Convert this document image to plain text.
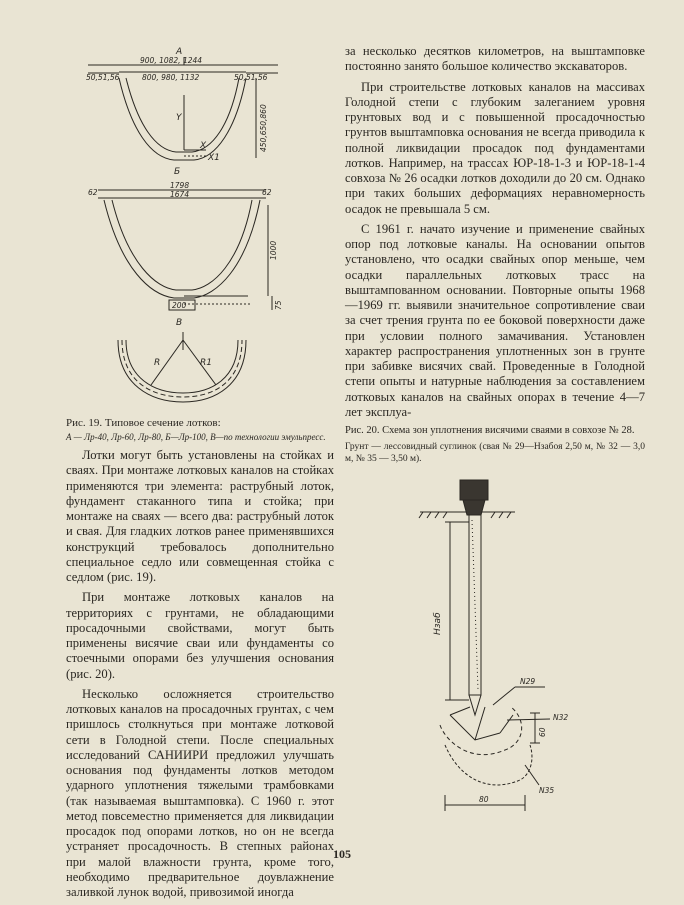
А
900, 1082, 1244
800, 980, 1132
50,51,56	50,51,56
450,650,860
Y
X
X1
Б
1798
1674
62	62
1000
75
200
В
R	R1

Рис. 19. Типовое сечение лотков:

А — Лр-40, Лр-60, Лр-80, Б—Лр-100, В—по технологии эмульпресс.

Лотки могут быть установлены на стойках и сваях. При монтаже лотковых каналов на стойках применяются три элемента: раструбный лоток, фундамент стаканного типа и стойка; при монтаже на сваях — всего два: раструбный лоток и свая. Для гладких лотков ранее применявшихся конструкций требовалось дополнительно специальное седло или совмещенная стойка с седлом (рис. 19).

При монтаже лотковых каналов на территориях с грунтами, не обладающими просадочными свойствами, могут быть применены висячие сваи или фундаменты со стоечными опорами без улучшения основания (рис. 20).

Несколько осложняется строительство лотковых каналов на просадочных грунтах, с чем пришлось столкнуться при монтаже лотковой сети в Голодной степи. После специальных исследований САНИИРИ предложил улучшать основания под фундаменты лотков методом ударного уплотнения тяжелыми трамбовками (так называемая выштамповка). С 1960 г. этот метод повсеместно применяется для ликвидации просадок под опорами лотков, но он не всегда устраняет просадочность. В степных районах при малой влажности грунта, кроме того, необходимо предварительное доувлажнение заливкой лунок водой, привозимой иногда

за несколько десятков километров, на выштамповке постоянно занято большое количество экскаваторов.

При строительстве лотковых каналов на массивах Голодной степи с глубоким залеганием уровня грунтовых вод и с повышенной просадочностью грунтов выштамповка основания не всегда приводила к полной ликвидации просадок под фундаментами лотков. Например, на трассах ЮР-18-1-3 и ЮР-18-1-4 совхоза № 26 осадки лотков доходили до 20 см. Однако при таких больших деформациях неравномерность осадок не превышала 5 см.

С 1961 г. начато изучение и применение свайных опор под лотковые каналы. На основании опытов установлено, что осадки свайных опор меньше, чем осадки параллельных лотковых трасс на выштампованном основании. Повторные опыты 1968—1969 гг. выявили значительное сопротивление сваи за счет трения грунта по ее боковой поверхности даже при условии полного замачивания. Установлен характер распространения уплотненных зон в грунте при забивке висячих свай. Проведенные в Голодной степи опыты и натурные наблюдения за составлением лотковых каналов на свайных опорах в течение 4—7 лет эксплуа-

Рис. 20. Схема зон уплотнения висячими сваями в совхозе № 28.

Грунт — лессовидный суглинок (свая № 29—Hзабоя 2,50 м, № 32 — 3,0 м, № 35 — 3,50 м).

Hзаб
N29
N32
N35
60
80
105
